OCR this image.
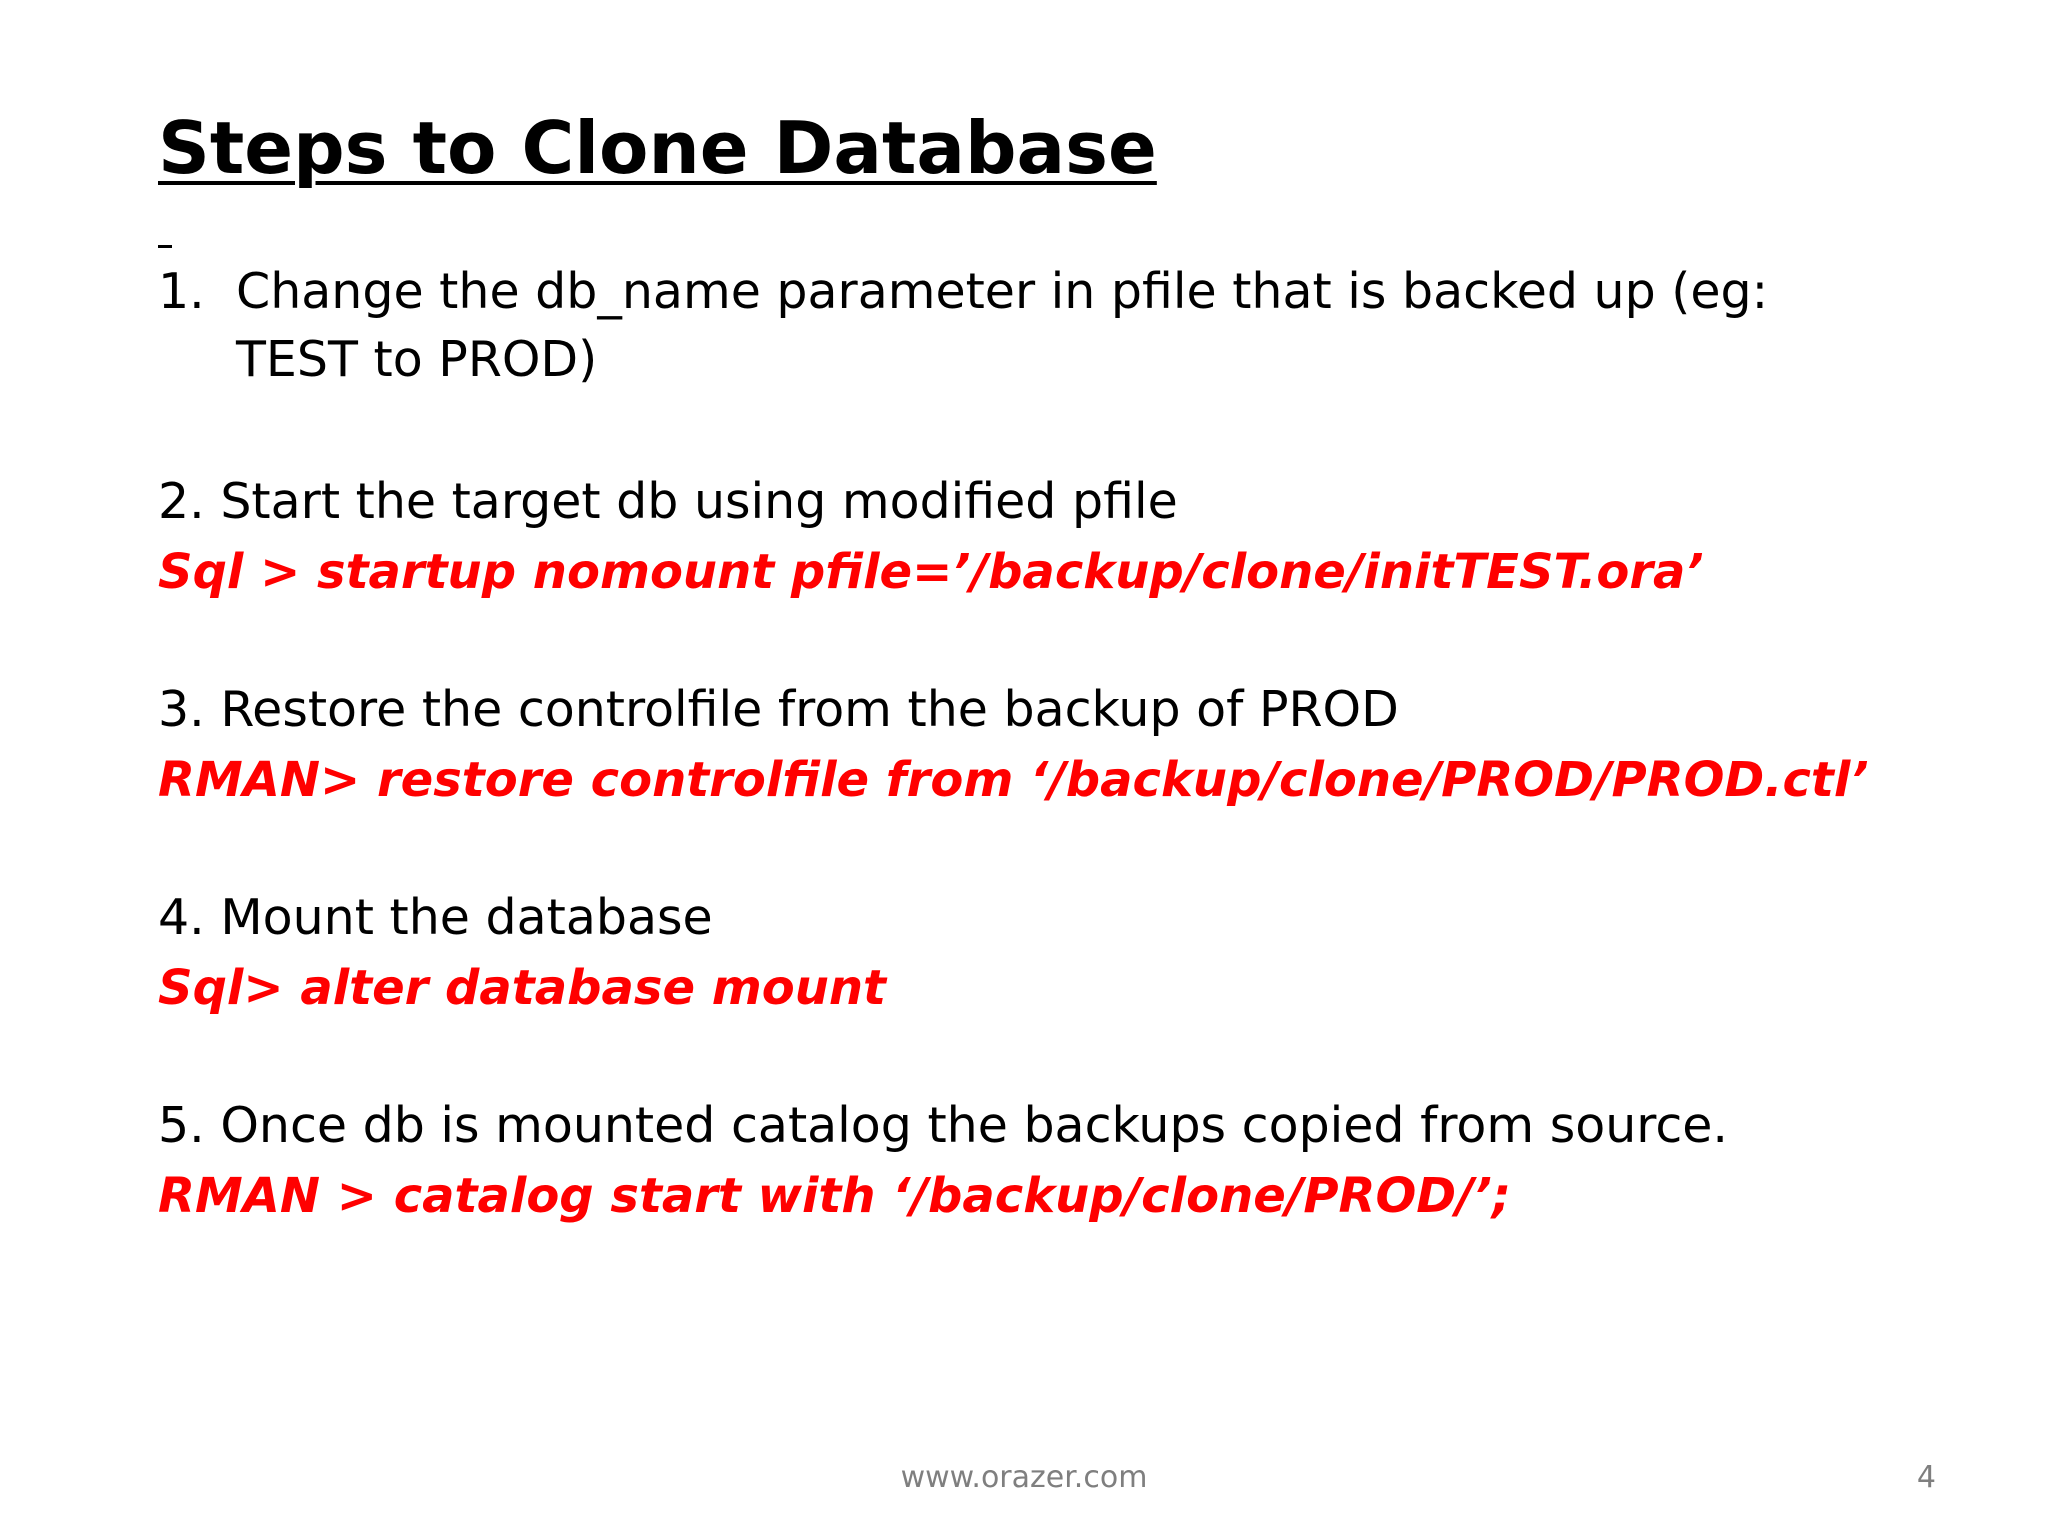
Steps to Clone Database
1. Change the db_name parameter in pfile that is backed up (eg: TEST to PROD)
2. Start the target db using modified pfile
Sql > startup nomount pfile=’/backup/clone/initTEST.ora’
3. Restore the controlfile from the backup of PROD
RMAN> restore controlfile from ‘/backup/clone/PROD/PROD.ctl’
4. Mount the database
Sql> alter database mount
5. Once db is mounted catalog the backups copied from source.
RMAN > catalog start with ‘/backup/clone/PROD/’;
www.orazer.com	4
